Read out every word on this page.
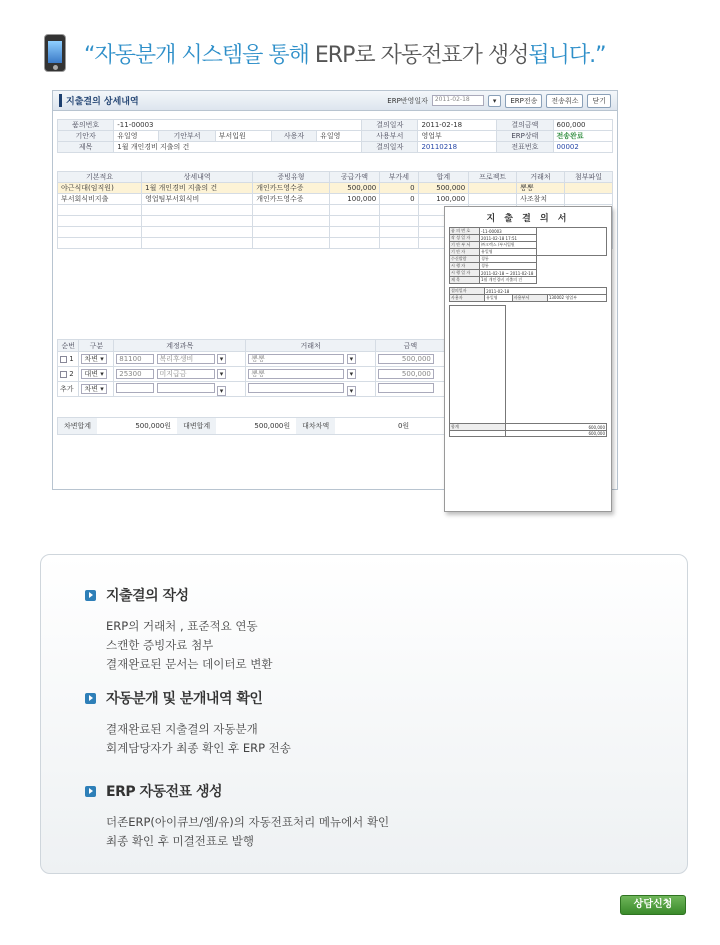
“자동분개 시스템을 통해 ERP로 자동전표가 생성됩니다.”
지출결의 상세내역	ERP반영일자	2011-02-18	▾	ERP전송	전송취소	닫기
품의번호	-11-00003					결의일자	2011-02-18	결의금액	600,000
기안자	유일영	기안부서	부서입원	사용자	유일영	사용부서	영업부	ERP상태	전송완료
제목	1월 개인경비 지출의 건					결의일자	20110218	전표번호	00002
기본적요	상세내역	증빙유형	공급가액	부가세	합계	프로젝트	거래처	첨부파일
야근식대(임직원)	1월 개인경비 지출의 건	개인카드영수증	500,000	0	500,000		뽕뽕	
부서회식비지출	영업팀부서회식비	개인카드영수증	100,000	0	100,000		사조참치	

순번	구분	계정과목	거래처	금액	
1	차변 ▾	81100 복리후생비 ▾	뽕뽕 ▾	500,000	
2	대변 ▾	25300 미지급금 ▾	뽕뽕 ▾	500,000	
추가	차변 ▾	▾	▾		
차변합계	500,000원	대변합계	500,000원	대차차액	0원
지 출 결 의 서
품 의 번 호	-11-00003	
작 성 일 자	2011-02-18 17:51	
기 안 부 서	㈜크렉스 /부서입원	
기 안 자	유일영	
수신발람	경통	
시 행 자	경통	
시 행 일 자	2011-02-18 ~ 2011-02-18	
제 목	1월 개인경비 지출의 건	
결의일자	2011-02-18		
사용자	유일영	사용부서	130002 영업부

합계	600,000
	600,000
지출결의 작성
ERP의 거래처 , 표준적요 연동
스캔한 증빙자료 첨부
결재완료된 문서는 데이터로 변환
자동분개 및 분개내역 확인
결재완료된 지출결의 자동분개
회계담당자가 최종 확인 후 ERP 전송
ERP 자동전표 생성
더존ERP(아이큐브/엠/유)의 자동전표처리 메뉴에서 확인
최종 확인 후 미결전표로 발행
상담신청
